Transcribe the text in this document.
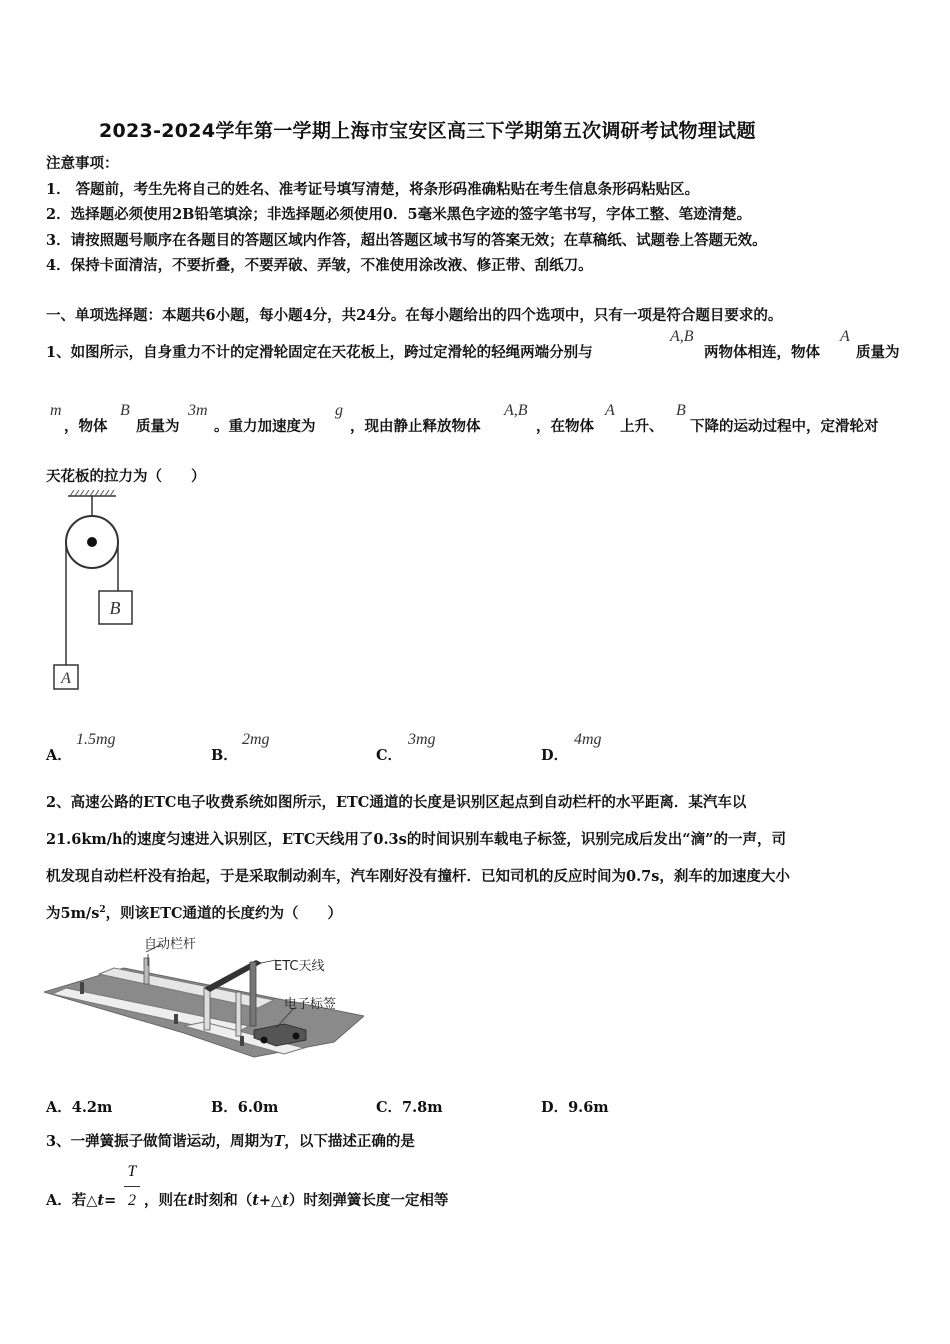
2023-2024学年第一学期上海市宝安区高三下学期第五次调研考试物理试题
注意事项：
1． 答题前，考生先将自己的姓名、准考证号填写清楚，将条形码准确粘贴在考生信息条形码粘贴区。
2．选择题必须使用2B铅笔填涂；非选择题必须使用0．5毫米黑色字迹的签字笔书写，字体工整、笔迹清楚。
3．请按照题号顺序在各题目的答题区域内作答，超出答题区域书写的答案无效；在草稿纸、试题卷上答题无效。
4．保持卡面清洁，不要折叠，不要弄破、弄皱，不准使用涂改液、修正带、刮纸刀。
一、单项选择题：本题共6小题，每小题4分，共24分。在每小题给出的四个选项中，只有一项是符合题目要求的。
1、如图所示，自身重力不计的定滑轮固定在天花板上，跨过定滑轮的轻绳两端分别与
A,B
两物体相连，物体
A
质量为
m
，物体
B
质量为
3m
。重力加速度为
g
，现由静止释放物体
A,B
，在物体
A
上升、
B
下降的运动过程中，定滑轮对
天花板的拉力为（　　）
B
A
A．
1.5mg
B．
2mg
C．
3mg
D．
4mg
2、高速公路的ETC电子收费系统如图所示，ETC通道的长度是识别区起点到自动栏杆的水平距离．某汽车以
21.6km/h的速度匀速进入识别区，ETC天线用了0.3s的时间识别车载电子标签，识别完成后发出“滴”的一声，司
机发现自动栏杆没有抬起，于是采取制动刹车，汽车刚好没有撞杆．已知司机的反应时间为0.7s，刹车的加速度大小
为$5m/s^2$，则该ETC通道的长度约为（　　）
自动栏杆
ETC天线
电子标签
A．4.2m	B．6.0m	C．7.8m	D．9.6m
3、一弹簧振子做简谐运动，周期为T，以下描述正确的是
A．若△t=
T
2 ，则在t时刻和（t+△t）时刻弹簧长度一定相等
